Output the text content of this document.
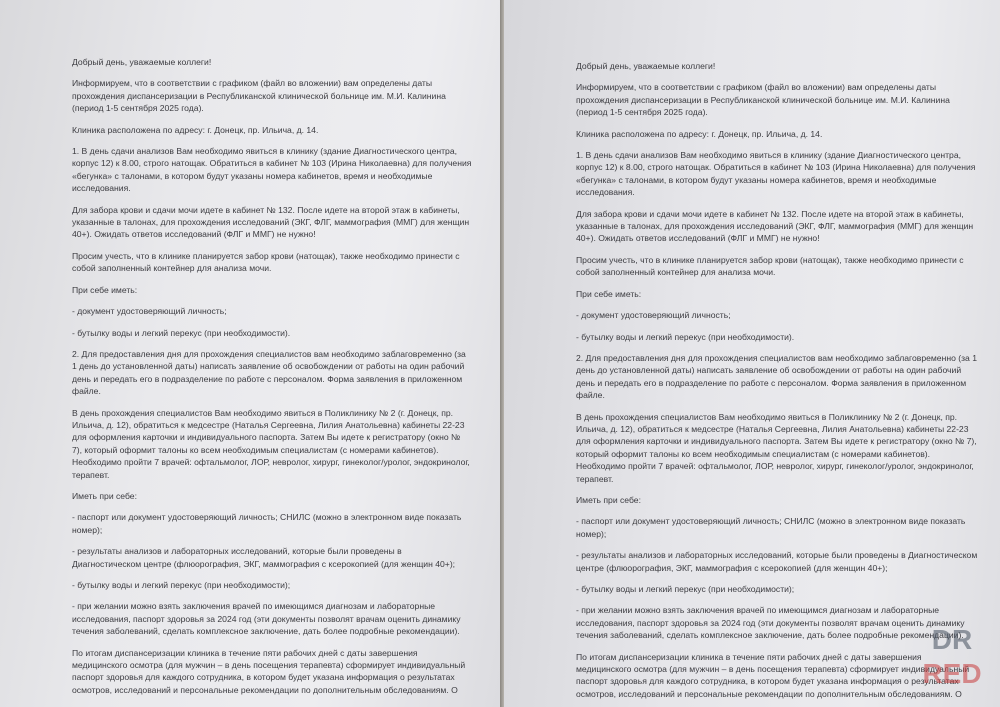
Добрый день, уважаемые коллеги!

Информируем, что в соответствии с графиком (файл во вложении) вам определены даты прохождения диспансеризации в Республиканской клинической больнице им. М.И. Калинина (период 1-5 сентября 2025 года).

Клиника расположена по адресу: г. Донецк, пр. Ильича, д. 14.

1. В день сдачи анализов Вам необходимо явиться в клинику (здание Диагностического центра, корпус 12) к 8.00, строго натощак. Обратиться в кабинет № 103 (Ирина Николаевна) для получения «бегунка» с талонами, в котором будут указаны номера кабинетов, время и необходимые исследования.

Для забора крови и сдачи мочи идете в кабинет № 132. После идете на второй этаж в кабинеты, указанные в талонах, для прохождения исследований (ЭКГ, ФЛГ, маммография (ММГ) для женщин 40+). Ожидать ответов исследований (ФЛГ и ММГ) не нужно!

Просим учесть, что в клинике планируется забор крови (натощак), также необходимо принести с собой заполненный контейнер для анализа мочи.

При себе иметь:

- документ удостоверяющий личность;

- бутылку воды и легкий перекус (при необходимости).

2. Для предоставления дня для прохождения специалистов вам необходимо заблаговременно (за 1 день до установленной даты) написать заявление об освобождении от работы на один рабочий день и передать его в подразделение по работе с персоналом. Форма заявления в приложенном файле.

В день прохождения специалистов Вам необходимо явиться в Поликлинику № 2 (г. Донецк, пр. Ильича, д. 12), обратиться к медсестре (Наталья Сергеевна, Лилия Анатольевна) кабинеты 22-23 для оформления карточки и индивидуального паспорта. Затем Вы идете к регистратору (окно № 7), который оформит талоны ко всем необходимым специалистам (с номерами кабинетов). Необходимо пройти 7 врачей: офтальмолог, ЛОР, невролог, хирург, гинеколог/уролог, эндокринолог, терапевт.

Иметь при себе:

- паспорт или документ удостоверяющий личность; СНИЛС (можно в электронном виде показать номер);

- результаты анализов и лабораторных исследований, которые были проведены в Диагностическом центре (флюорография, ЭКГ, маммография с ксерокопией (для женщин 40+);

- бутылку воды и легкий перекус (при необходимости);

- при желании можно взять заключения врачей по имеющимся диагнозам и лабораторные исследования, паспорт здоровья за 2024 год (эти документы позволят врачам оценить динамику течения заболеваний, сделать комплексное заключение, дать более подробные рекомендации).

По итогам диспансеризации клиника в течение пяти рабочих дней с даты завершения медицинского осмотра (для мужчин – в день посещения терапевта) сформирует индивидуальный паспорт здоровья для каждого сотрудника, в котором будет указана информация о результатах осмотров, исследований и персональные рекомендации по дополнительным обследованиям. О

Добрый день, уважаемые коллеги!

Информируем, что в соответствии с графиком (файл во вложении) вам определены даты прохождения диспансеризации в Республиканской клинической больнице им. М.И. Калинина (период 1-5 сентября 2025 года).

Клиника расположена по адресу: г. Донецк, пр. Ильича, д. 14.

1. В день сдачи анализов Вам необходимо явиться в клинику (здание Диагностического центра, корпус 12) к 8.00, строго натощак. Обратиться в кабинет № 103 (Ирина Николаевна) для получения «бегунка» с талонами, в котором будут указаны номера кабинетов, время и необходимые исследования.

Для забора крови и сдачи мочи идете в кабинет № 132. После идете на второй этаж в кабинеты, указанные в талонах, для прохождения исследований (ЭКГ, ФЛГ, маммография (ММГ) для женщин 40+). Ожидать ответов исследований (ФЛГ и ММГ) не нужно!

Просим учесть, что в клинике планируется забор крови (натощак), также необходимо принести с собой заполненный контейнер для анализа мочи.

При себе иметь:

- документ удостоверяющий личность;

- бутылку воды и легкий перекус (при необходимости).

2. Для предоставления дня для прохождения специалистов вам необходимо заблаговременно (за 1 день до установленной даты) написать заявление об освобождении от работы на один рабочий день и передать его в подразделение по работе с персоналом. Форма заявления в приложенном файле.

В день прохождения специалистов Вам необходимо явиться в Поликлинику № 2 (г. Донецк, пр. Ильича, д. 12), обратиться к медсестре (Наталья Сергеевна, Лилия Анатольевна) кабинеты 22-23 для оформления карточки и индивидуального паспорта. Затем Вы идете к регистратору (окно № 7), который оформит талоны ко всем необходимым специалистам (с номерами кабинетов). Необходимо пройти 7 врачей: офтальмолог, ЛОР, невролог, хирург, гинеколог/уролог, эндокринолог, терапевт.

Иметь при себе:

- паспорт или документ удостоверяющий личность; СНИЛС (можно в электронном виде показать номер);

- результаты анализов и лабораторных исследований, которые были проведены в Диагностическом центре (флюорография, ЭКГ, маммография с ксерокопией (для женщин 40+);

- бутылку воды и легкий перекус (при необходимости);

- при желании можно взять заключения врачей по имеющимся диагнозам и лабораторные исследования, паспорт здоровья за 2024 год (эти документы позволят врачам оценить динамику течения заболеваний, сделать комплексное заключение, дать более подробные рекомендации).

По итогам диспансеризации клиника в течение пяти рабочих дней с даты завершения медицинского осмотра (для мужчин – в день посещения терапевта) сформирует индивидуальный паспорт здоровья для каждого сотрудника, в котором будет указана информация о результатах осмотров, исследований и персональные рекомендации по дополнительным обследованиям. О

DR
RED
